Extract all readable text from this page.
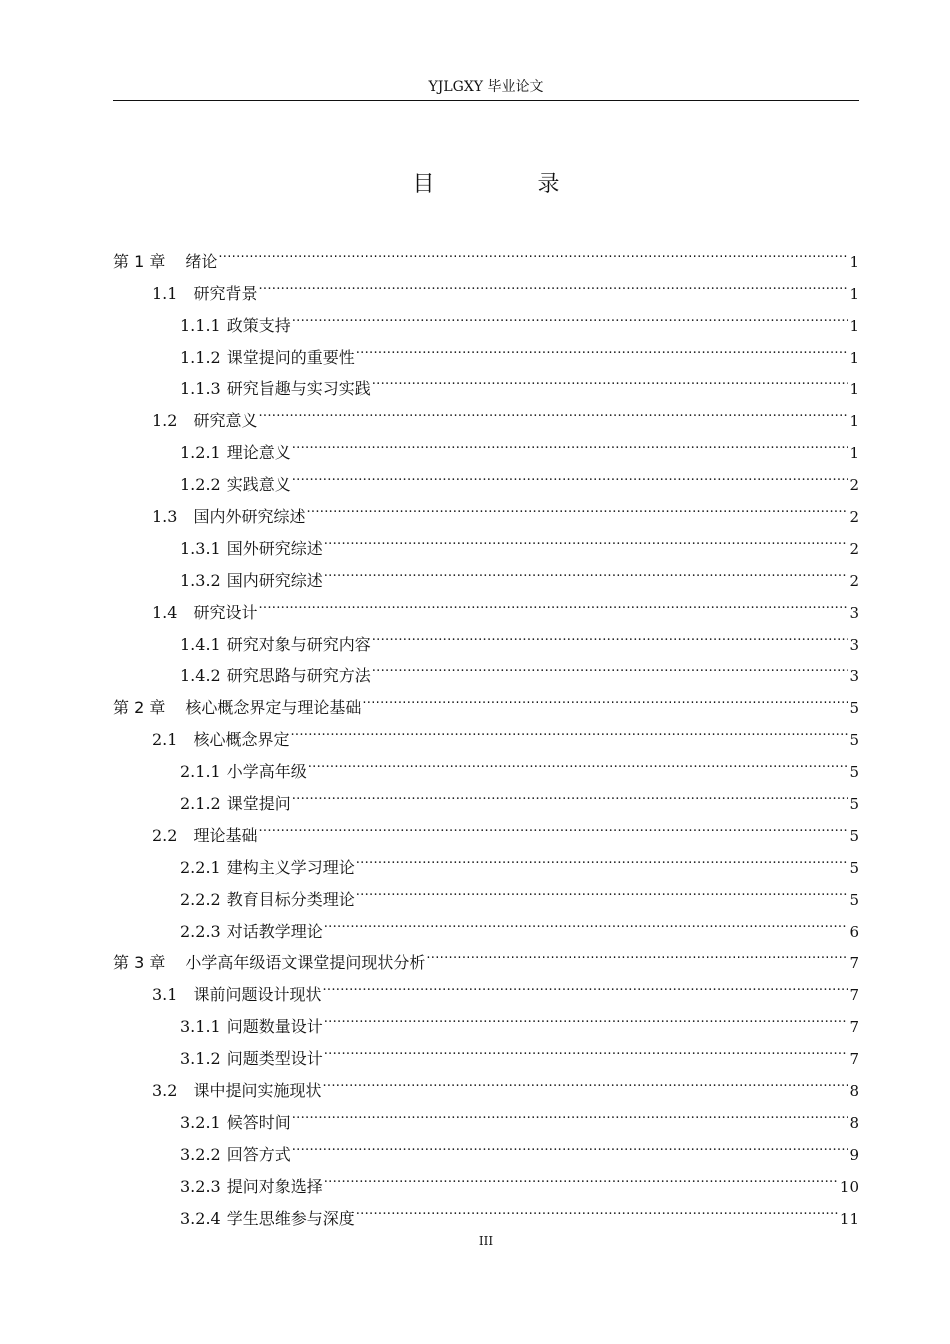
YJLGXY 毕业论文
目 录
第 1 章 绪论 .....	1
1.1 研究背景 .....	1
1.1.1 政策支持 .....	1
1.1.2 课堂提问的重要性 .....	1
1.1.3 研究旨趣与实习实践 .....	1
1.2 研究意义 .....	1
1.2.1 理论意义 .....	1
1.2.2 实践意义 .....	2
1.3 国内外研究综述 .....	2
1.3.1 国外研究综述 .....	2
1.3.2 国内研究综述 .....	2
1.4 研究设计 .....	3
1.4.1 研究对象与研究内容 .....	3
1.4.2 研究思路与研究方法 .....	3
第 2 章 核心概念界定与理论基础 .....	5
2.1 核心概念界定 .....	5
2.1.1 小学高年级 .....	5
2.1.2 课堂提问 .....	5
2.2 理论基础 .....	5
2.2.1 建构主义学习理论 .....	5
2.2.2 教育目标分类理论 .....	5
2.2.3 对话教学理论 .....	6
第 3 章 小学高年级语文课堂提问现状分析 .....	7
3.1 课前问题设计现状 .....	7
3.1.1 问题数量设计 .....	7
3.1.2 问题类型设计 .....	7
3.2 课中提问实施现状 .....	8
3.2.1 候答时间 .....	8
3.2.2 回答方式 .....	9
3.2.3 提问对象选择 .....	10
3.2.4 学生思维参与深度 .....	11
III
